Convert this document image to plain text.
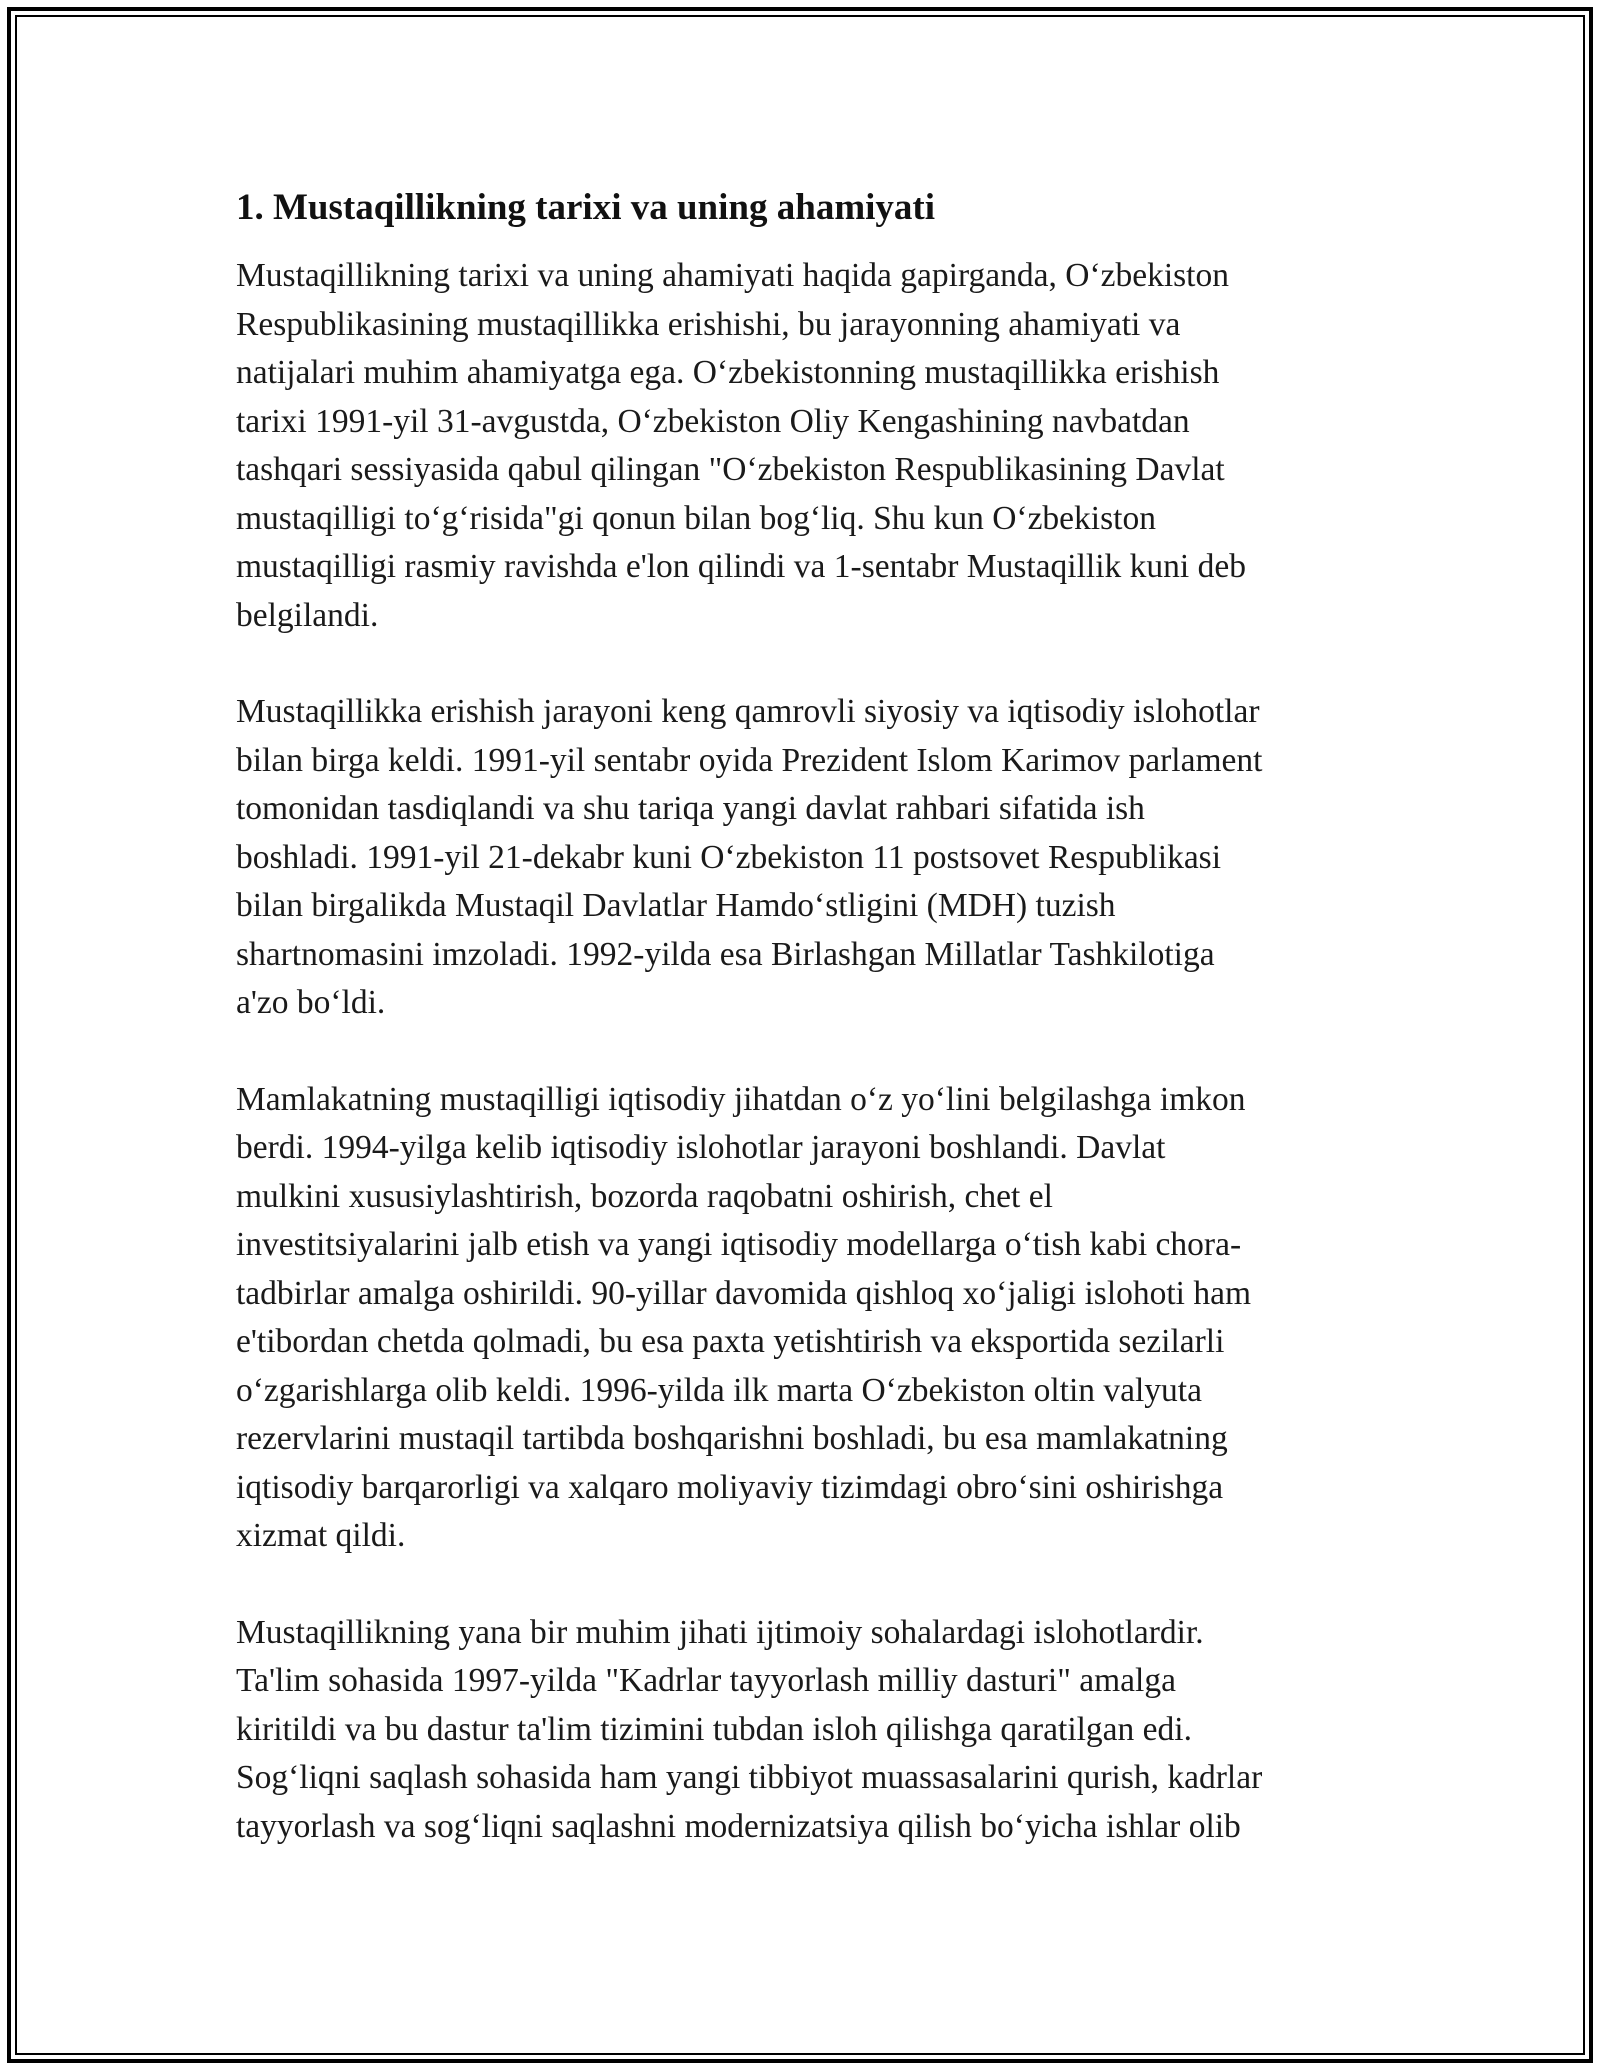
1. Mustaqillikning tarixi va uning ahamiyati
Mustaqillikning tarixi va uning ahamiyati haqida gapirganda, O‘zbekiston
Respublikasining mustaqillikka erishishi, bu jarayonning ahamiyati va
natijalari muhim ahamiyatga ega. O‘zbekistonning mustaqillikka erishish
tarixi 1991-yil 31-avgustda, O‘zbekiston Oliy Kengashining navbatdan
tashqari sessiyasida qabul qilingan "O‘zbekiston Respublikasining Davlat
mustaqilligi to‘g‘risida"gi qonun bilan bog‘liq. Shu kun O‘zbekiston
mustaqilligi rasmiy ravishda e'lon qilindi va 1-sentabr Mustaqillik kuni deb
belgilandi.
Mustaqillikka erishish jarayoni keng qamrovli siyosiy va iqtisodiy islohotlar
bilan birga keldi. 1991-yil sentabr oyida Prezident Islom Karimov parlament
tomonidan tasdiqlandi va shu tariqa yangi davlat rahbari sifatida ish
boshladi. 1991-yil 21-dekabr kuni O‘zbekiston 11 postsovet Respublikasi
bilan birgalikda Mustaqil Davlatlar Hamdo‘stligini (MDH) tuzish
shartnomasini imzoladi. 1992-yilda esa Birlashgan Millatlar Tashkilotiga
a'zo bo‘ldi.
Mamlakatning mustaqilligi iqtisodiy jihatdan o‘z yo‘lini belgilashga imkon
berdi. 1994-yilga kelib iqtisodiy islohotlar jarayoni boshlandi. Davlat
mulkini xususiylashtirish, bozorda raqobatni oshirish, chet el
investitsiyalarini jalb etish va yangi iqtisodiy modellarga o‘tish kabi chora-
tadbirlar amalga oshirildi. 90-yillar davomida qishloq xo‘jaligi islohoti ham
e'tibordan chetda qolmadi, bu esa paxta yetishtirish va eksportida sezilarli
o‘zgarishlarga olib keldi. 1996-yilda ilk marta O‘zbekiston oltin valyuta
rezervlarini mustaqil tartibda boshqarishni boshladi, bu esa mamlakatning
iqtisodiy barqarorligi va xalqaro moliyaviy tizimdagi obro‘sini oshirishga
xizmat qildi.
Mustaqillikning yana bir muhim jihati ijtimoiy sohalardagi islohotlardir.
Ta'lim sohasida 1997-yilda "Kadrlar tayyorlash milliy dasturi" amalga
kiritildi va bu dastur ta'lim tizimini tubdan isloh qilishga qaratilgan edi.
Sog‘liqni saqlash sohasida ham yangi tibbiyot muassasalarini qurish, kadrlar
tayyorlash va sog‘liqni saqlashni modernizatsiya qilish bo‘yicha ishlar olib
